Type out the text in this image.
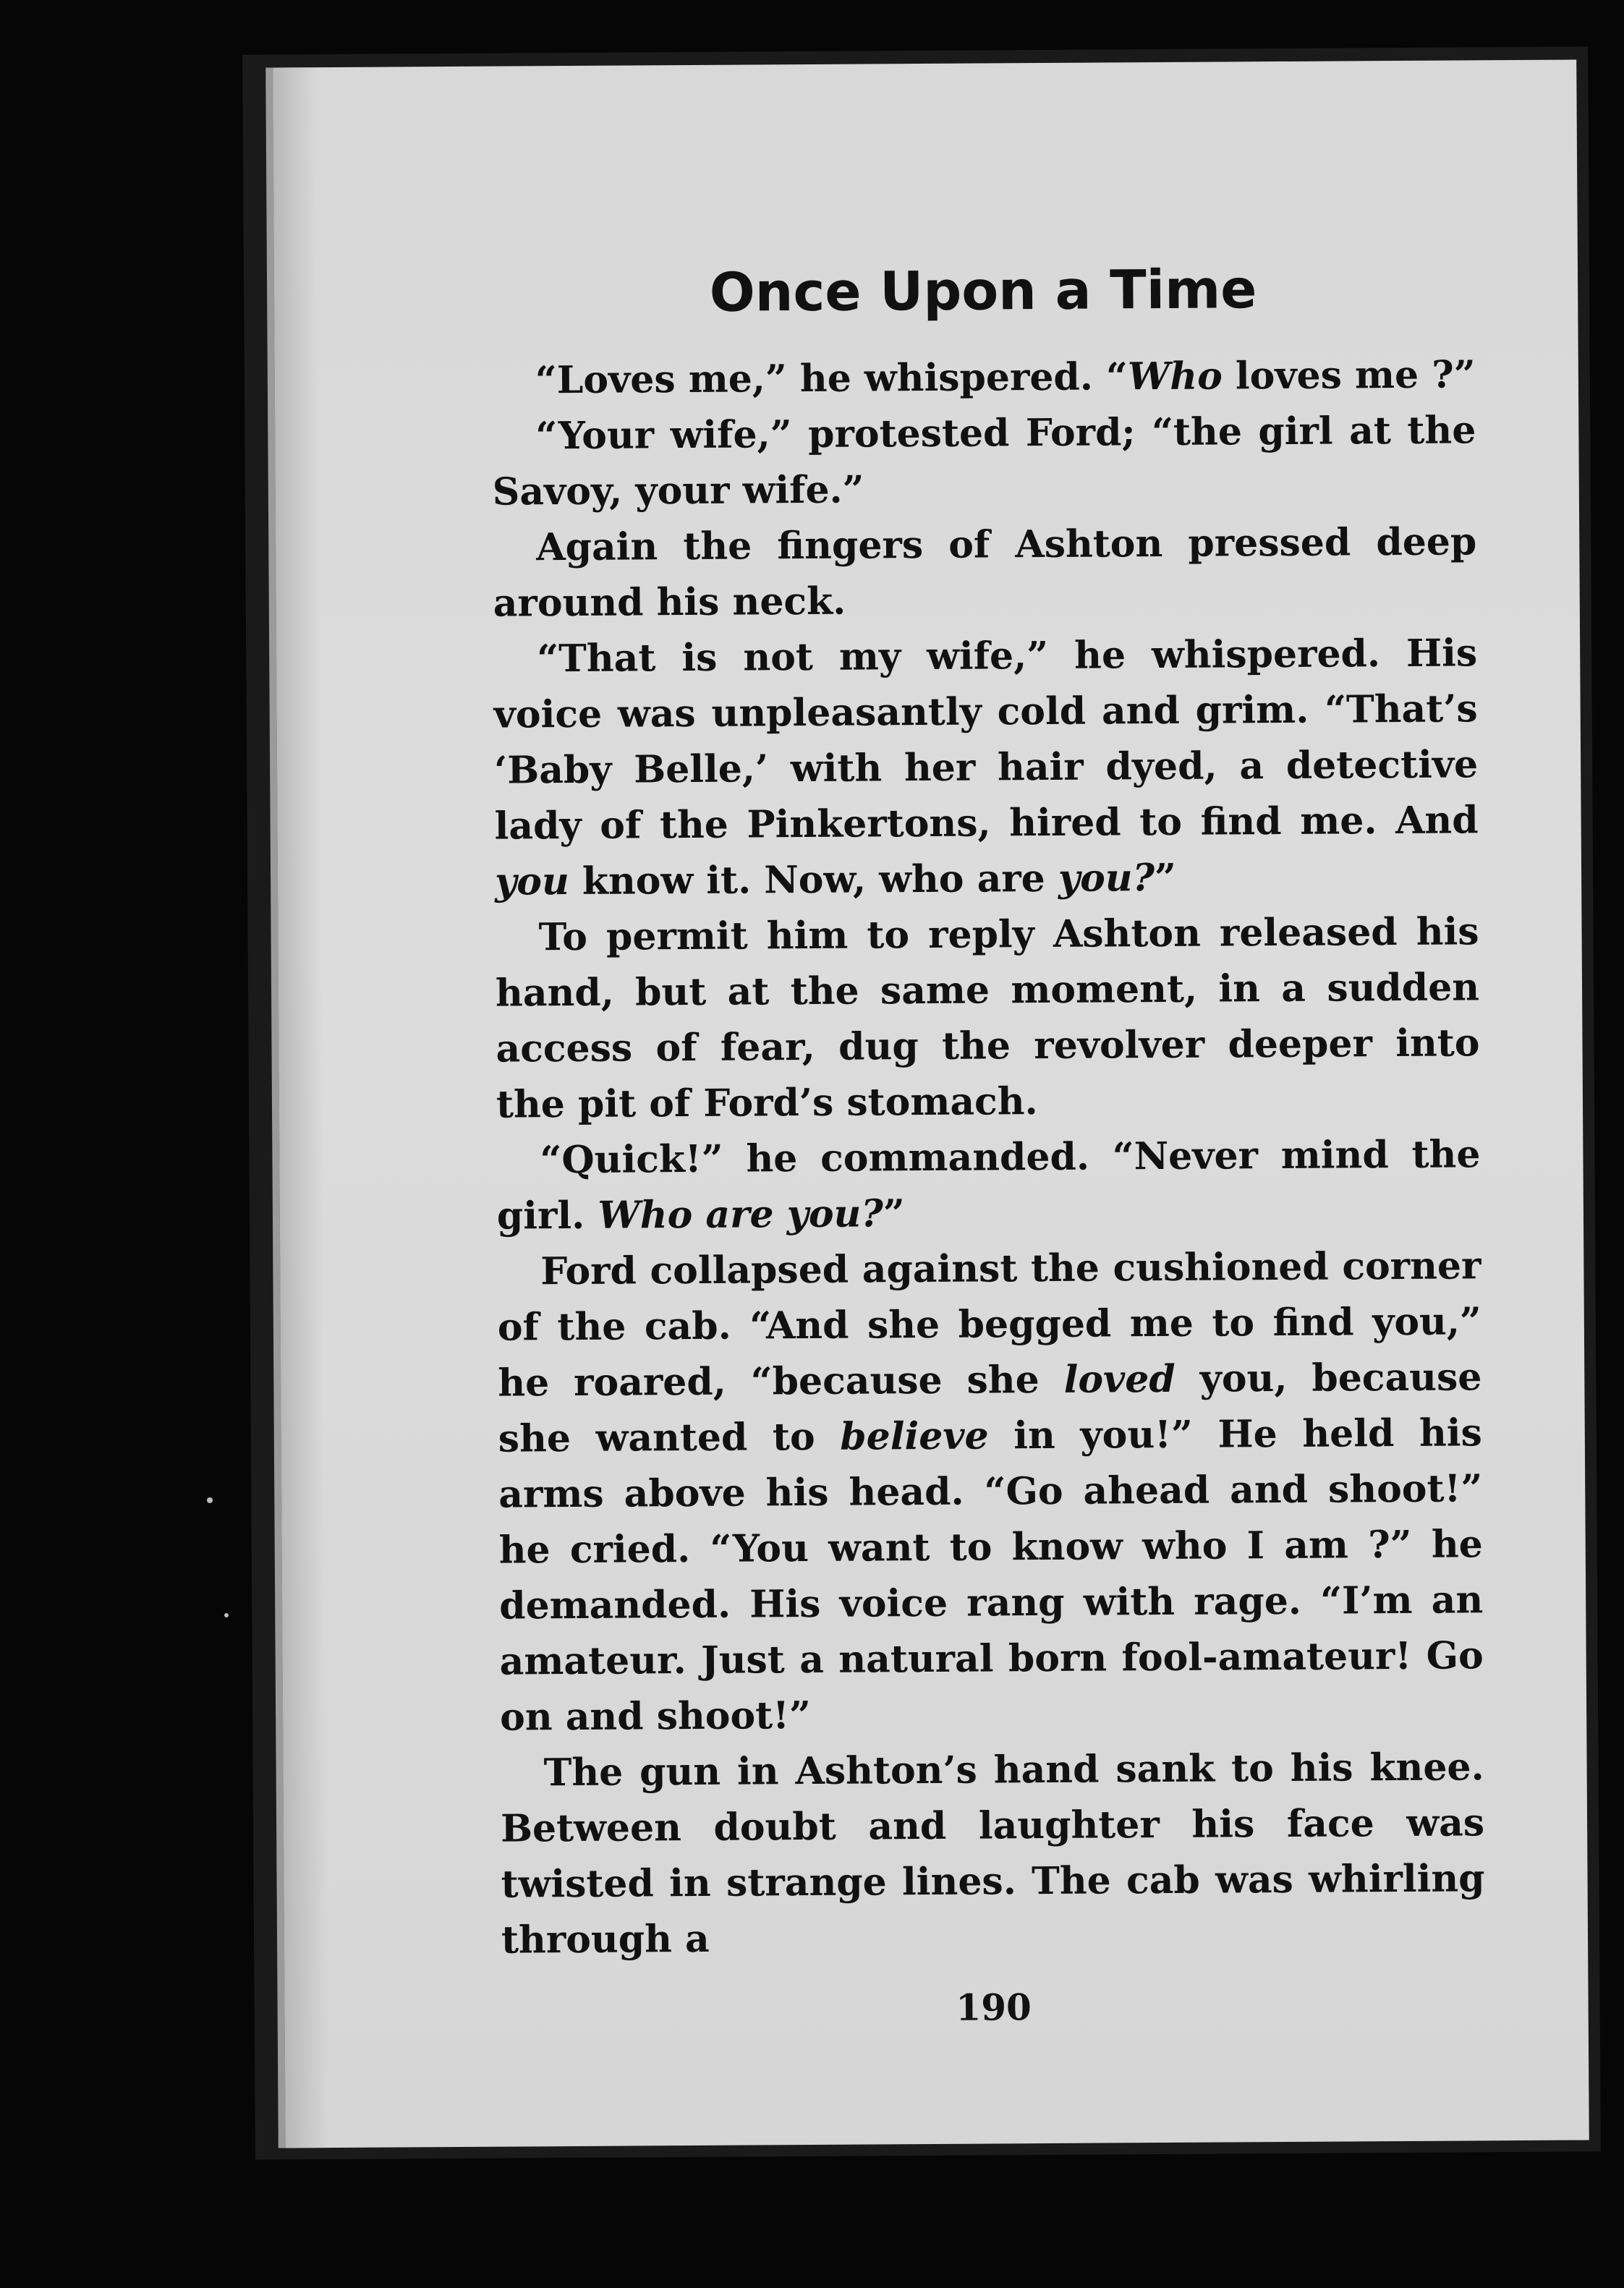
Once Upon a Time

“Loves me,” he whispered. “Who loves me ?”

“Your wife,” protested Ford; “the girl at the Savoy, your wife.”

Again the fingers of Ashton pressed deep around his neck.

“That is not my wife,” he whispered. His voice was unpleasantly cold and grim. “That’s ‘Baby Belle,’ with her hair dyed, a detective lady of the Pinkertons, hired to find me. And you know it. Now, who are you?”

To permit him to reply Ashton released his hand, but at the same moment, in a sudden access of fear, dug the revolver deeper into the pit of Ford’s stomach.

“Quick!” he commanded. “Never mind the girl. Who are you?”

Ford collapsed against the cushioned corner of the cab. “And she begged me to find you,” he roared, “because she loved you, because she wanted to believe in you!” He held his arms above his head. “Go ahead and shoot!” he cried. “You want to know who I am ?” he demanded. His voice rang with rage. “I’m an amateur. Just a natural born fool-amateur! Go on and shoot!”

The gun in Ashton’s hand sank to his knee. Between doubt and laughter his face was twisted in strange lines. The cab was whirling through a

190
